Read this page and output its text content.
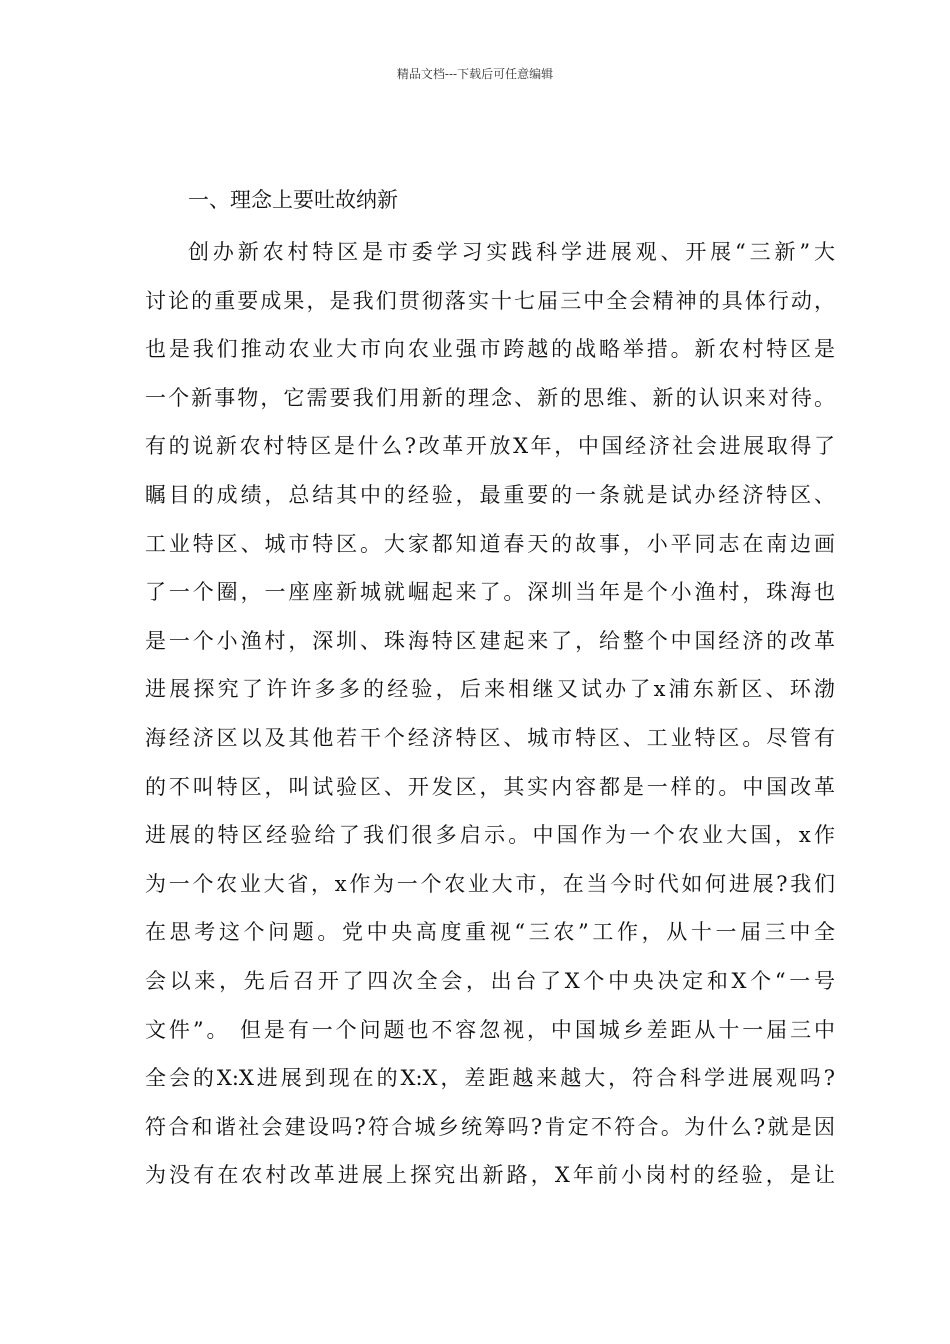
精品文档---下载后可任意编辑
一、理念上要吐故纳新
创办新农村特区是市委学习实践科学进展观、开展“三新”大
讨论的重要成果，是我们贯彻落实十七届三中全会精神的具体行动，
也是我们推动农业大市向农业强市跨越的战略举措。新农村特区是
一个新事物，它需要我们用新的理念、新的思维、新的认识来对待。
有的说新农村特区是什么?改革开放X年，中国经济社会进展取得了
瞩目的成绩，总结其中的经验，最重要的一条就是试办经济特区、
工业特区、城市特区。大家都知道春天的故事，小平同志在南边画
了一个圈，一座座新城就崛起来了。深圳当年是个小渔村，珠海也
是一个小渔村，深圳、珠海特区建起来了，给整个中国经济的改革
进展探究了许许多多的经验，后来相继又试办了x浦东新区、环渤
海经济区以及其他若干个经济特区、城市特区、工业特区。尽管有
的不叫特区，叫试验区、开发区，其实内容都是一样的。中国改革
进展的特区经验给了我们很多启示。中国作为一个农业大国，x作
为一个农业大省，x作为一个农业大市，在当今时代如何进展?我们
在思考这个问题。党中央高度重视“三农”工作，从十一届三中全
会以来，先后召开了四次全会，出台了X个中央决定和X个“一号
文件”。 但是有一个问题也不容忽视，中国城乡差距从十一届三中
全会的X:X进展到现在的X:X，差距越来越大，符合科学进展观吗?
符合和谐社会建设吗?符合城乡统筹吗?肯定不符合。为什么?就是因
为没有在农村改革进展上探究出新路，X年前小岗村的经验，是让
